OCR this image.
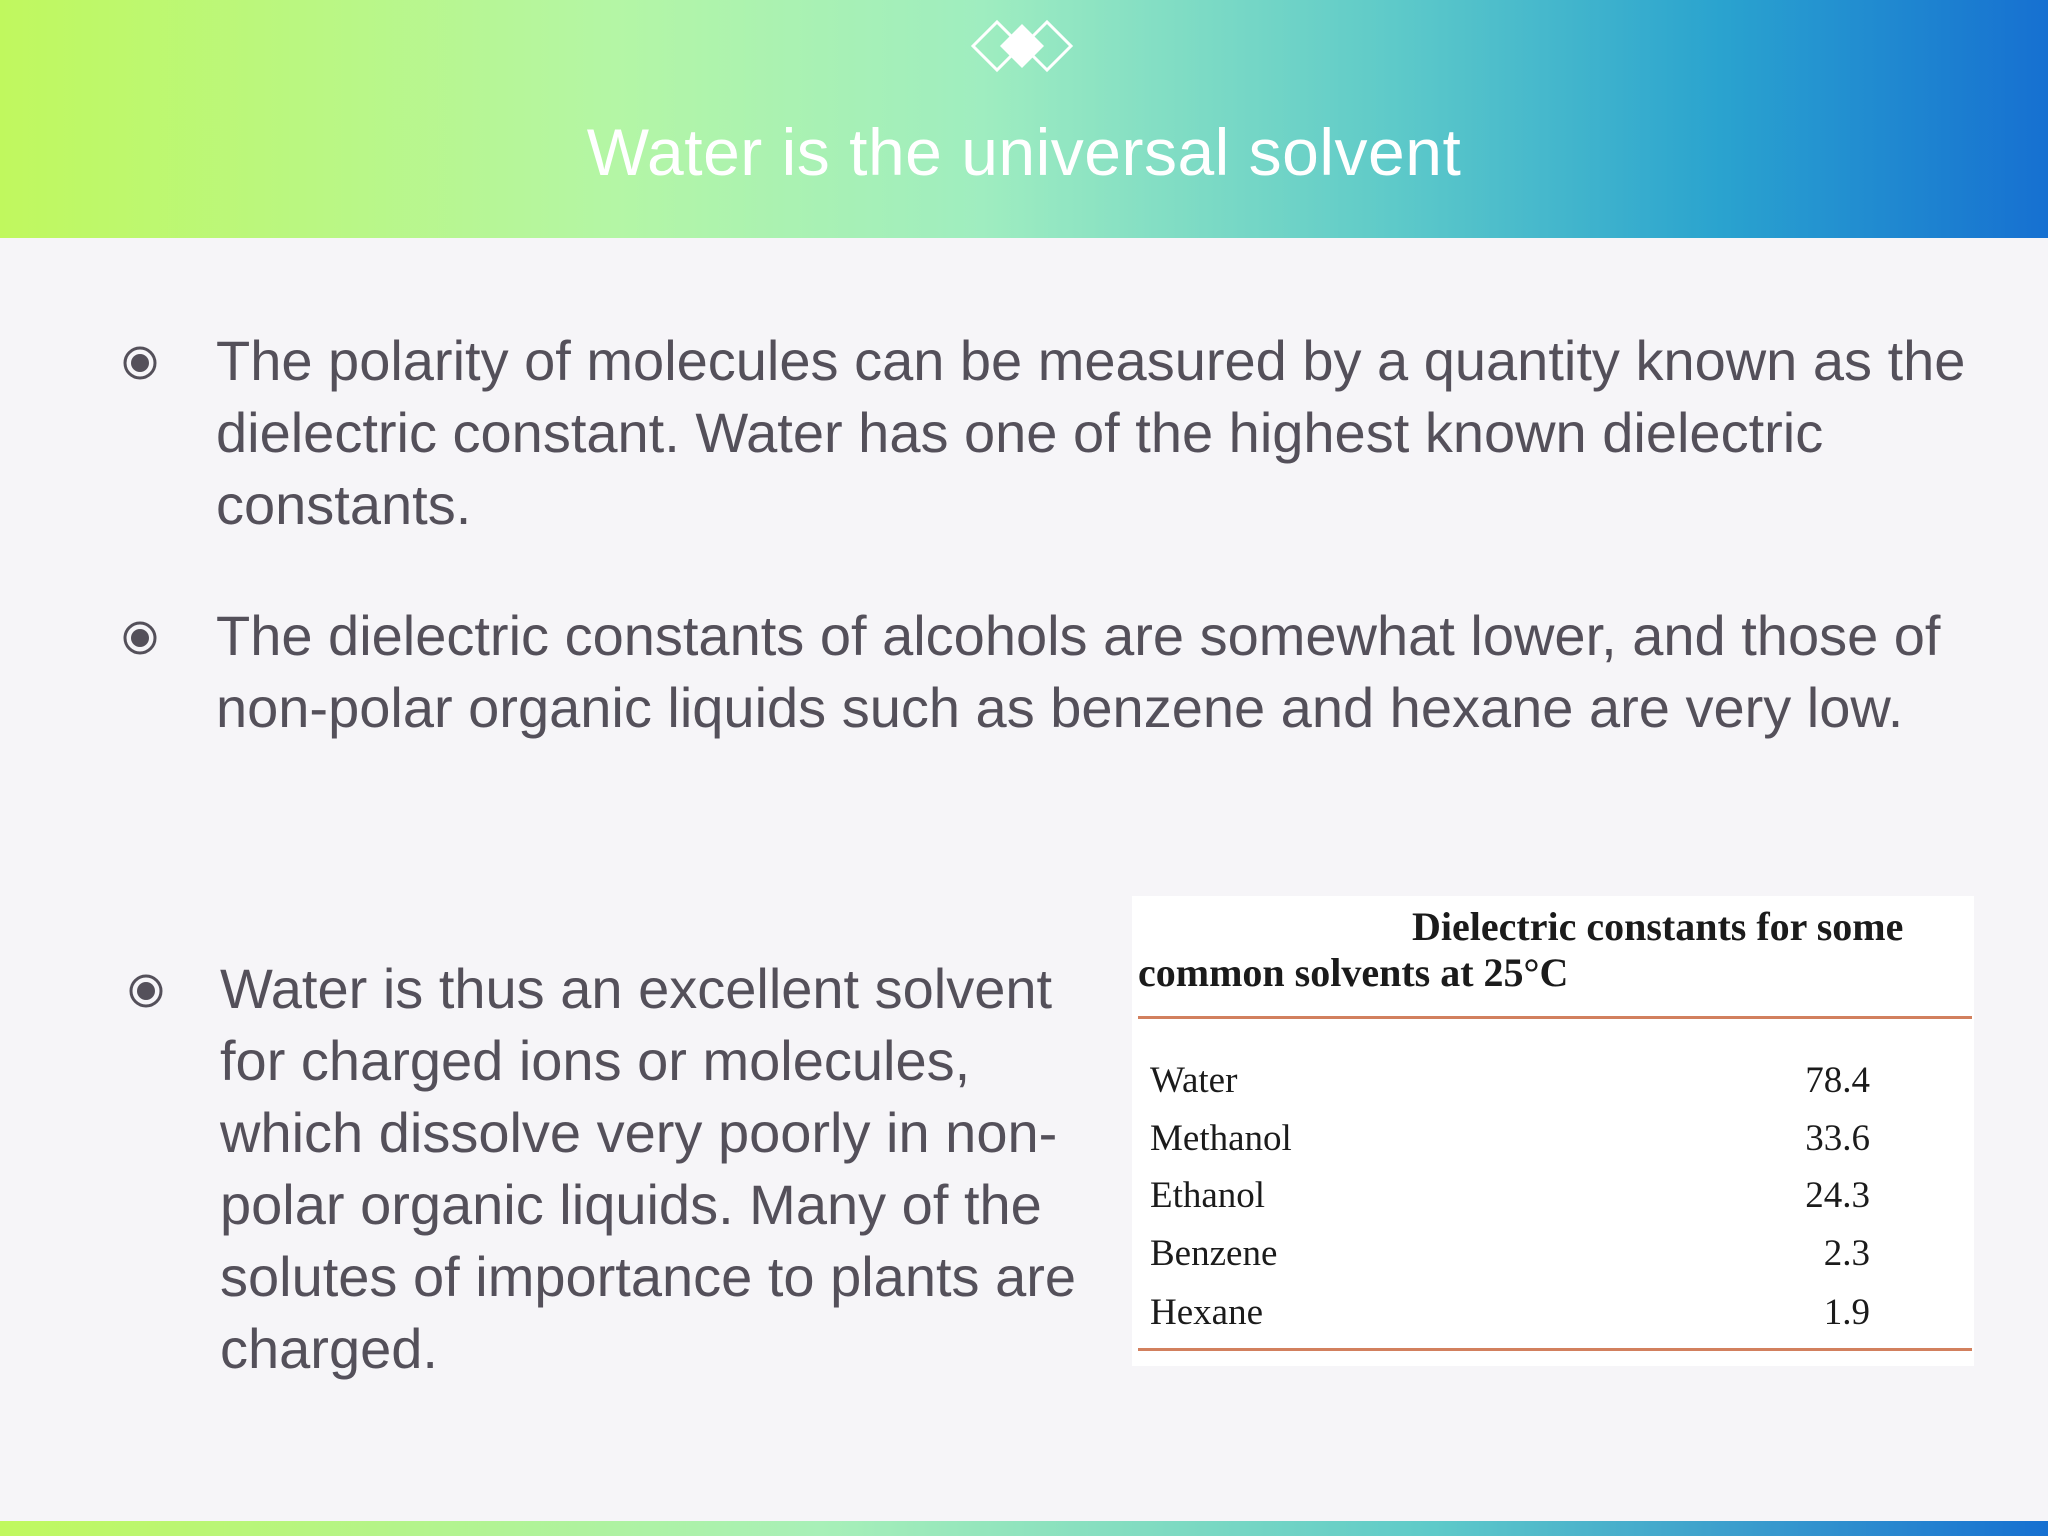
Water is the universal solvent
The polarity of molecules can be measured by a quantity known as the dielectric constant. Water has one of the highest known dielectric constants.
The dielectric constants of alcohols are somewhat lower, and those of non-polar organic liquids such as benzene and hexane are very low.
Water is thus an excellent solvent for charged ions or molecules, which dissolve very poorly in non-polar organic liquids. Many of the solutes of importance to plants are charged.
Dielectric constants for some common solvents at 25°C
Water	78.4
Methanol	33.6
Ethanol	24.3
Benzene	2.3
Hexane	1.9
